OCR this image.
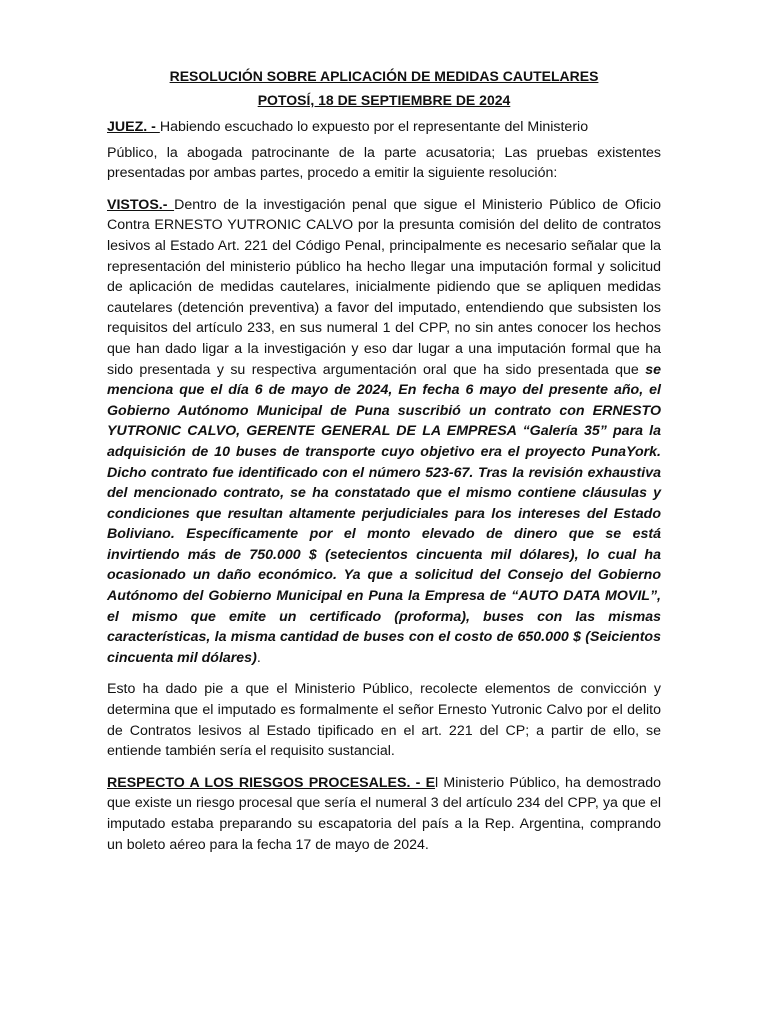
RESOLUCIÓN SOBRE APLICACIÓN DE MEDIDAS CAUTELARES
POTOSÍ, 18 DE SEPTIEMBRE DE 2024

JUEZ. - Habiendo escuchado lo expuesto por el representante del Ministerio

Público, la abogada patrocinante de la parte acusatoria; Las pruebas existentes presentadas por ambas partes, procedo a emitir la siguiente resolución:

VISTOS.- Dentro de la investigación penal que sigue el Ministerio Público de Oficio Contra ERNESTO YUTRONIC CALVO por la presunta comisión del delito de contratos lesivos al Estado Art. 221 del Código Penal, principalmente es necesario señalar que la representación del ministerio público ha hecho llegar una imputación formal y solicitud de aplicación de medidas cautelares, inicialmente pidiendo que se apliquen medidas cautelares (detención preventiva) a favor del imputado, entendiendo que subsisten los requisitos del artículo 233, en sus numeral 1 del CPP, no sin antes conocer los hechos que han dado ligar a la investigación y eso dar lugar a una imputación formal que ha sido presentada y su respectiva argumentación oral que ha sido presentada que se menciona que el día 6 de mayo de 2024, En fecha 6 mayo del presente año, el Gobierno Autónomo Municipal de Puna suscribió un contrato con ERNESTO YUTRONIC CALVO, GERENTE GENERAL DE LA EMPRESA “Galería 35” para la adquisición de 10 buses de transporte cuyo objetivo era el proyecto PunaYork. Dicho contrato fue identificado con el número 523-67. Tras la revisión exhaustiva del mencionado contrato, se ha constatado que el mismo contiene cláusulas y condiciones que resultan altamente perjudiciales para los intereses del Estado Boliviano. Específicamente por el monto elevado de dinero que se está invirtiendo más de 750.000 $ (setecientos cincuenta mil dólares), lo cual ha ocasionado un daño económico. Ya que a solicitud del Consejo del Gobierno Autónomo del Gobierno Municipal en Puna la Empresa de “AUTO DATA MOVIL”, el mismo que emite un certificado (proforma), buses con las mismas características, la misma cantidad de buses con el costo de 650.000 $ (Seicientos cincuenta mil dólares).

Esto ha dado pie a que el Ministerio Público, recolecte elementos de convicción y determina que el imputado es formalmente el señor Ernesto Yutronic Calvo por el delito de Contratos lesivos al Estado tipificado en el art. 221 del CP; a partir de ello, se entiende también sería el requisito sustancial.

RESPECTO A LOS RIESGOS PROCESALES. - El Ministerio Público, ha demostrado que existe un riesgo procesal que sería el numeral 3 del artículo 234 del CPP, ya que el imputado estaba preparando su escapatoria del país a la Rep. Argentina, comprando un boleto aéreo para la fecha 17 de mayo de 2024.
